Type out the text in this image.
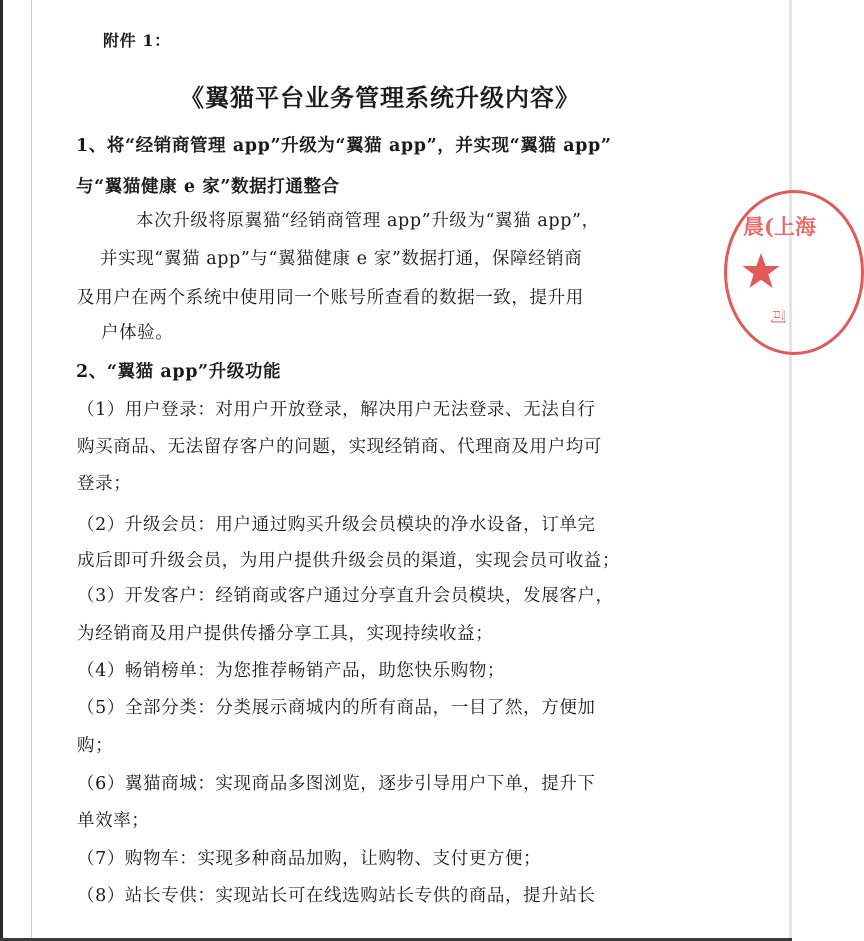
附件 1：
《翼猫平台业务管理系统升级内容》
1、将“经销商管理 app”升级为“翼猫 app”，并实现“翼猫 app”
与“翼猫健康 e 家”数据打通整合
本次升级将原翼猫“经销商管理 app”升级为“翼猫 app”，
并实现“翼猫 app”与“翼猫健康 e 家”数据打通，保障经销商
及用户在两个系统中使用同一个账号所查看的数据一致，提升用
户体验。
2、“翼猫 app”升级功能
（1）用户登录：对用户开放登录，解决用户无法登录、无法自行
购买商品、无法留存客户的问题，实现经销商、代理商及用户均可
登录；
（2）升级会员：用户通过购买升级会员模块的净水设备，订单完
成后即可升级会员，为用户提供升级会员的渠道，实现会员可收益；
（3）开发客户：经销商或客户通过分享直升会员模块，发展客户，
为经销商及用户提供传播分享工具，实现持续收益；
（4）畅销榜单：为您推荐畅销产品，助您快乐购物；
（5）全部分类：分类展示商城内的所有商品，一目了然，方便加
购；
（6）翼猫商城：实现商品多图浏览，逐步引导用户下单，提升下
单效率；
（7）购物车：实现多种商品加购，让购物、支付更方便；
（8）站长专供：实现站长可在线选购站长专供的商品，提升站长
晨(上海
司
